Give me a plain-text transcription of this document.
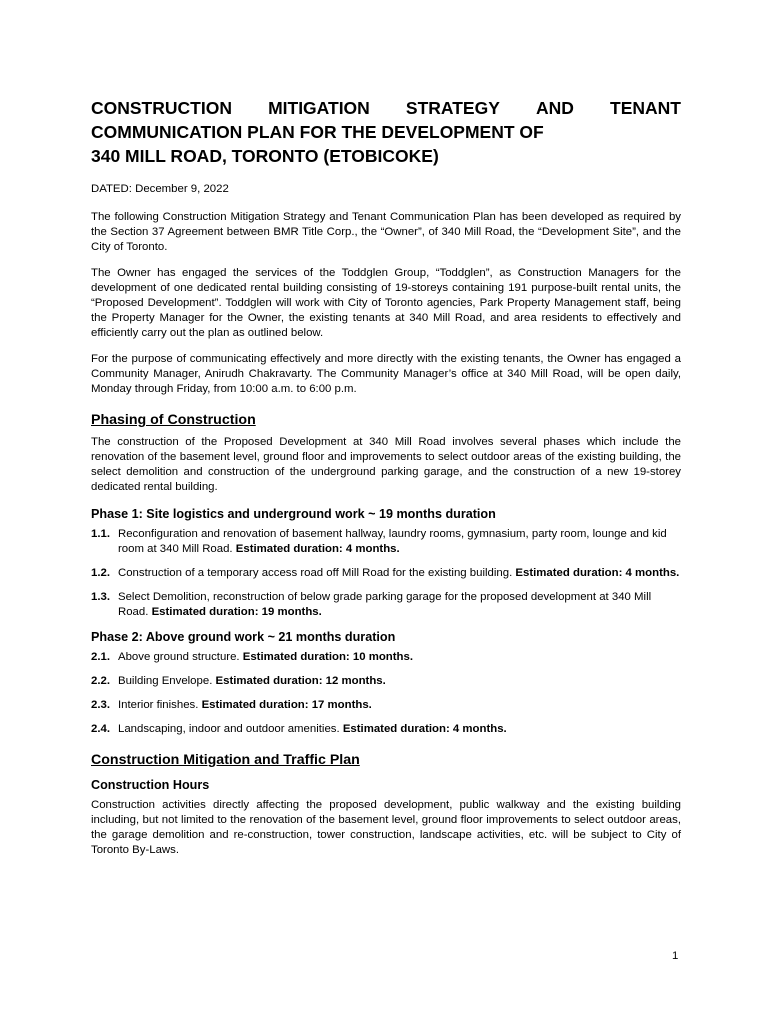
CONSTRUCTION MITIGATION STRATEGY AND TENANT
COMMUNICATION PLAN FOR THE DEVELOPMENT OF
340 MILL ROAD, TORONTO (ETOBICOKE)
DATED: December 9, 2022

The following Construction Mitigation Strategy and Tenant Communication Plan has been developed as required by the Section 37 Agreement between BMR Title Corp., the “Owner”, of 340 Mill Road, the “Development Site”, and the City of Toronto.

The Owner has engaged the services of the Toddglen Group, “Toddglen”, as Construction Managers for the development of one dedicated rental building consisting of 19-storeys containing 191 purpose-built rental units, the “Proposed Development”. Toddglen will work with City of Toronto agencies, Park Property Management staff, being the Property Manager for the Owner, the existing tenants at 340 Mill Road, and area residents to effectively and efficiently carry out the plan as outlined below.

For the purpose of communicating effectively and more directly with the existing tenants, the Owner has engaged a Community Manager, Anirudh Chakravarty. The Community Manager’s office at 340 Mill Road, will be open daily, Monday through Friday, from 10:00 a.m. to 6:00 p.m.

Phasing of Construction

The construction of the Proposed Development at 340 Mill Road involves several phases which include the renovation of the basement level, ground floor and improvements to select outdoor areas of the existing building, the select demolition and construction of the underground parking garage, and the construction of a new 19-storey dedicated rental building.

Phase 1: Site logistics and underground work ~ 19 months duration
1.1. Reconfiguration and renovation of basement hallway, laundry rooms, gymnasium, party room, lounge and kid room at 340 Mill Road. Estimated duration: 4 months.
1.2. Construction of a temporary access road off Mill Road for the existing building. Estimated duration: 4 months.
1.3. Select Demolition, reconstruction of below grade parking garage for the proposed development at 340 Mill Road. Estimated duration: 19 months.
Phase 2: Above ground work ~ 21 months duration
2.1. Above ground structure. Estimated duration: 10 months.
2.2. Building Envelope. Estimated duration: 12 months.
2.3. Interior finishes. Estimated duration: 17 months.
2.4. Landscaping, indoor and outdoor amenities. Estimated duration: 4 months.
Construction Mitigation and Traffic Plan
Construction Hours

Construction activities directly affecting the proposed development, public walkway and the existing building including, but not limited to the renovation of the basement level, ground floor improvements to select outdoor areas, the garage demolition and re-construction, tower construction, landscape activities, etc. will be subject to City of Toronto By-Laws.

1
